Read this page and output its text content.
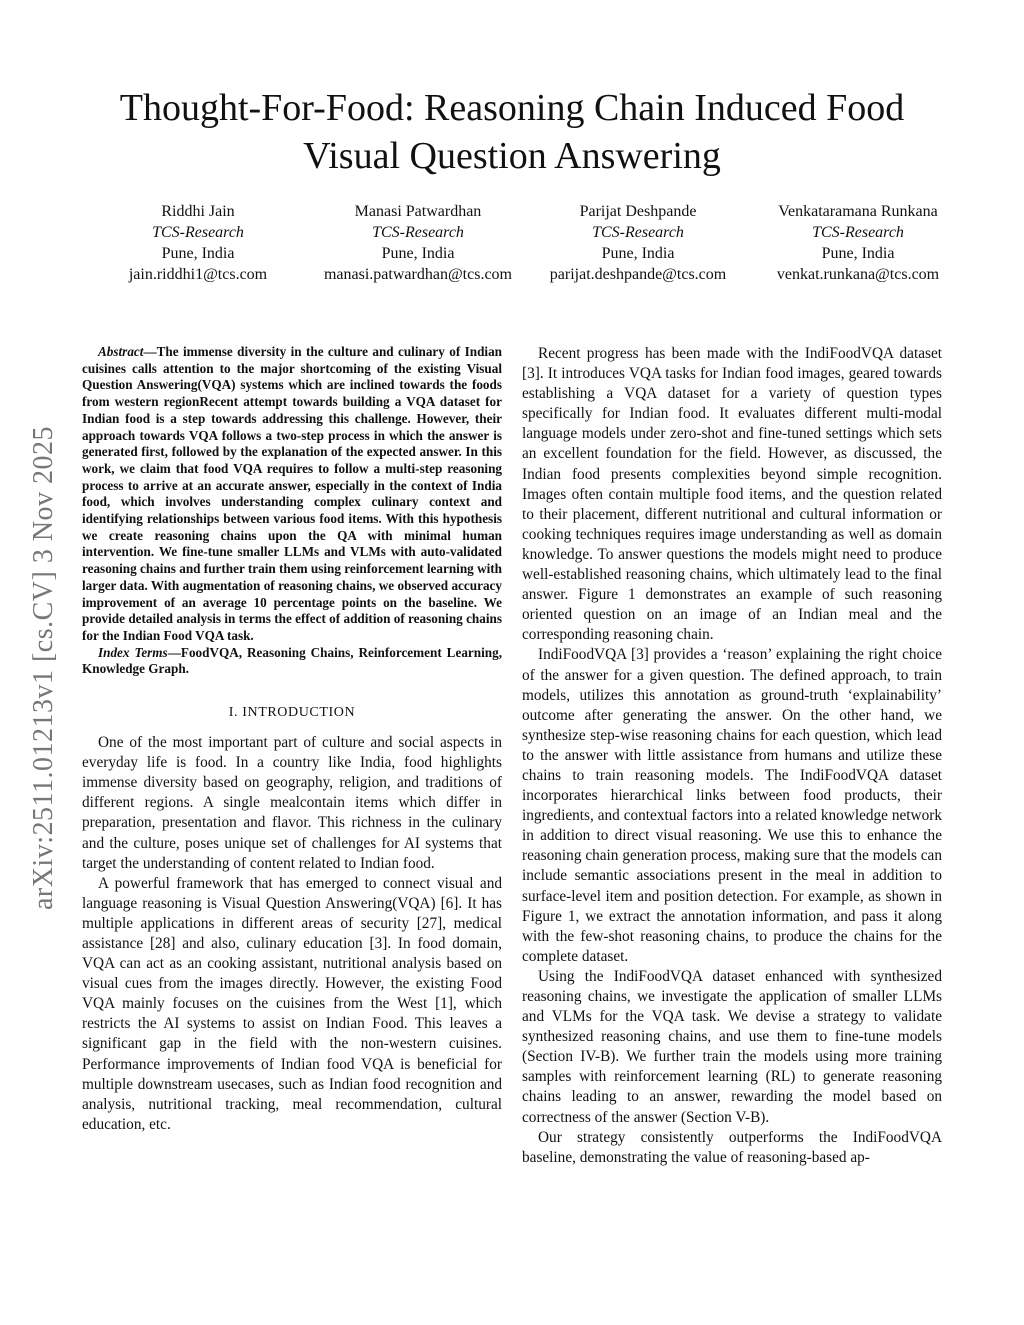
arXiv:2511.01213v1 [cs.CV] 3 Nov 2025
Thought-For-Food: Reasoning Chain Induced Food
Visual Question Answering
Riddhi Jain
TCS-Research
Pune, India
jain.riddhi1@tcs.com
Manasi Patwardhan
TCS-Research
Pune, India
manasi.patwardhan@tcs.com
Parijat Deshpande
TCS-Research
Pune, India
parijat.deshpande@tcs.com
Venkataramana Runkana
TCS-Research
Pune, India
venkat.runkana@tcs.com

Abstract—The immense diversity in the culture and culinary of Indian cuisines calls attention to the major shortcoming of the existing Visual Question Answering(VQA) systems which are inclined towards the foods from western regionRecent attempt towards building a VQA dataset for Indian food is a step towards addressing this challenge. However, their approach towards VQA follows a two-step process in which the answer is generated first, followed by the explanation of the expected answer. In this work, we claim that food VQA requires to follow a multi-step reasoning process to arrive at an accurate answer, especially in the context of India food, which involves understanding complex culinary context and identifying relationships between various food items. With this hypothesis we create reasoning chains upon the QA with minimal human intervention. We fine-tune smaller LLMs and VLMs with auto-validated reasoning chains and further train them using reinforcement learning with larger data. With augmentation of reasoning chains, we observed accuracy improvement of an average 10 percentage points on the baseline. We provide detailed analysis in terms the effect of addition of reasoning chains for the Indian Food VQA task.

Index Terms—FoodVQA, Reasoning Chains, Reinforcement Learning, Knowledge Graph.

I. INTRODUCTION

One of the most important part of culture and social aspects in everyday life is food. In a country like India, food highlights immense diversity based on geography, religion, and traditions of different regions. A single mealcontain items which differ in preparation, presentation and flavor. This richness in the culinary and the culture, poses unique set of challenges for AI systems that target the understanding of content related to Indian food.

A powerful framework that has emerged to connect visual and language reasoning is Visual Question Answering(VQA) [6]. It has multiple applications in different areas of security [27], medical assistance [28] and also, culinary education [3]. In food domain, VQA can act as an cooking assistant, nutritional analysis based on visual cues from the images directly. However, the existing Food VQA mainly focuses on the cuisines from the West [1], which restricts the AI systems to assist on Indian Food. This leaves a significant gap in the field with the non-western cuisines. Performance improvements of Indian food VQA is beneficial for multiple downstream usecases, such as Indian food recognition and analysis, nutritional tracking, meal recommendation, cultural education, etc.

Recent progress has been made with the IndiFoodVQA dataset [3]. It introduces VQA tasks for Indian food images, geared towards establishing a VQA dataset for a variety of question types specifically for Indian food. It evaluates different multi-modal language models under zero-shot and fine-tuned settings which sets an excellent foundation for the field. However, as discussed, the Indian food presents complexities beyond simple recognition. Images often contain multiple food items, and the question related to their placement, different nutritional and cultural information or cooking techniques requires image understanding as well as domain knowledge. To answer questions the models might need to produce well-established reasoning chains, which ultimately lead to the final answer. Figure 1 demonstrates an example of such reasoning oriented question on an image of an Indian meal and the corresponding reasoning chain.

IndiFoodVQA [3] provides a ‘reason’ explaining the right choice of the answer for a given question. The defined approach, to train models, utilizes this annotation as ground-truth ‘explainability’ outcome after generating the answer. On the other hand, we synthesize step-wise reasoning chains for each question, which lead to the answer with little assistance from humans and utilize these chains to train reasoning models. The IndiFoodVQA dataset incorporates hierarchical links between food products, their ingredients, and contextual factors into a related knowledge network in addition to direct visual reasoning. We use this to enhance the reasoning chain generation process, making sure that the models can include semantic associations present in the meal in addition to surface-level item and position detection. For example, as shown in Figure 1, we extract the annotation information, and pass it along with the few-shot reasoning chains, to produce the chains for the complete dataset.

Using the IndiFoodVQA dataset enhanced with synthesized reasoning chains, we investigate the application of smaller LLMs and VLMs for the VQA task. We devise a strategy to validate synthesized reasoning chains, and use them to fine-tune models (Section IV-B). We further train the models using more training samples with reinforcement learning (RL) to generate reasoning chains leading to an answer, rewarding the model based on correctness of the answer (Section V-B).

Our strategy consistently outperforms the IndiFoodVQA baseline, demonstrating the value of reasoning-based ap-
